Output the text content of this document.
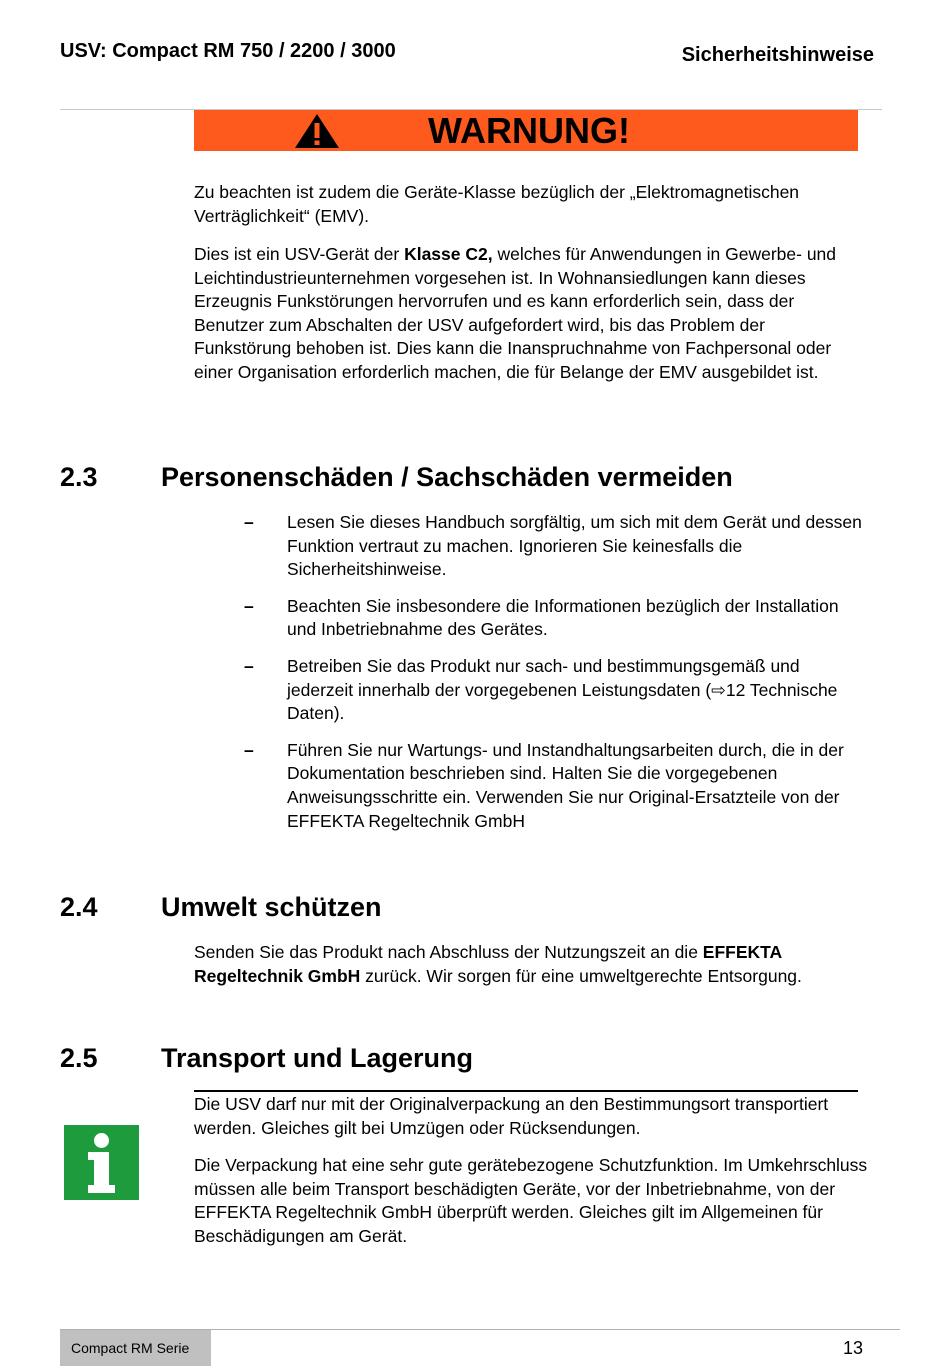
USV: Compact RM 750 / 2200 / 3000	Sicherheitshinweise
WARNUNG!

Zu beachten ist zudem die Geräte-Klasse bezüglich der „Elektromagnetischen Verträglichkeit“ (EMV).

Dies ist ein USV-Gerät der Klasse C2, welches für Anwendungen in Gewerbe- und Leichtindustrieunternehmen vorgesehen ist. In Wohnansiedlungen kann dieses Erzeugnis Funkstörungen hervorrufen und es kann erforderlich sein, dass der Benutzer zum Abschalten der USV aufgefordert wird, bis das Problem der Funkstörung behoben ist. Dies kann die Inanspruchnahme von Fachpersonal oder einer Organisation erforderlich machen, die für Belange der EMV ausgebildet ist.

2.3 Personenschäden / Sachschäden vermeiden
– Lesen Sie dieses Handbuch sorgfältig, um sich mit dem Gerät und dessen Funktion vertraut zu machen. Ignorieren Sie keinesfalls die Sicherheitshinweise.
– Beachten Sie insbesondere die Informationen bezüglich der Installation und Inbetriebnahme des Gerätes.
– Betreiben Sie das Produkt nur sach- und bestimmungsgemäß und jederzeit innerhalb der vorgegebenen Leistungsdaten (⇨12 Technische Daten).
– Führen Sie nur Wartungs- und Instandhaltungsarbeiten durch, die in der Dokumentation beschrieben sind. Halten Sie die vorgegebenen Anweisungsschritte ein. Verwenden Sie nur Original-Ersatzteile von der EFFEKTA Regeltechnik GmbH
2.4 Umwelt schützen

Senden Sie das Produkt nach Abschluss der Nutzungszeit an die EFFEKTA Regeltechnik GmbH zurück. Wir sorgen für eine umweltgerechte Entsorgung.

2.5 Transport und Lagerung

Die USV darf nur mit der Originalverpackung an den Bestimmungsort transportiert werden. Gleiches gilt bei Umzügen oder Rücksendungen.

Die Verpackung hat eine sehr gute gerätebezogene Schutzfunktion. Im Umkehrschluss müssen alle beim Transport beschädigten Geräte, vor der Inbetriebnahme, von der EFFEKTA Regeltechnik GmbH überprüft werden. Gleiches gilt im Allgemeinen für Beschädigungen am Gerät.

Compact RM Serie	13
